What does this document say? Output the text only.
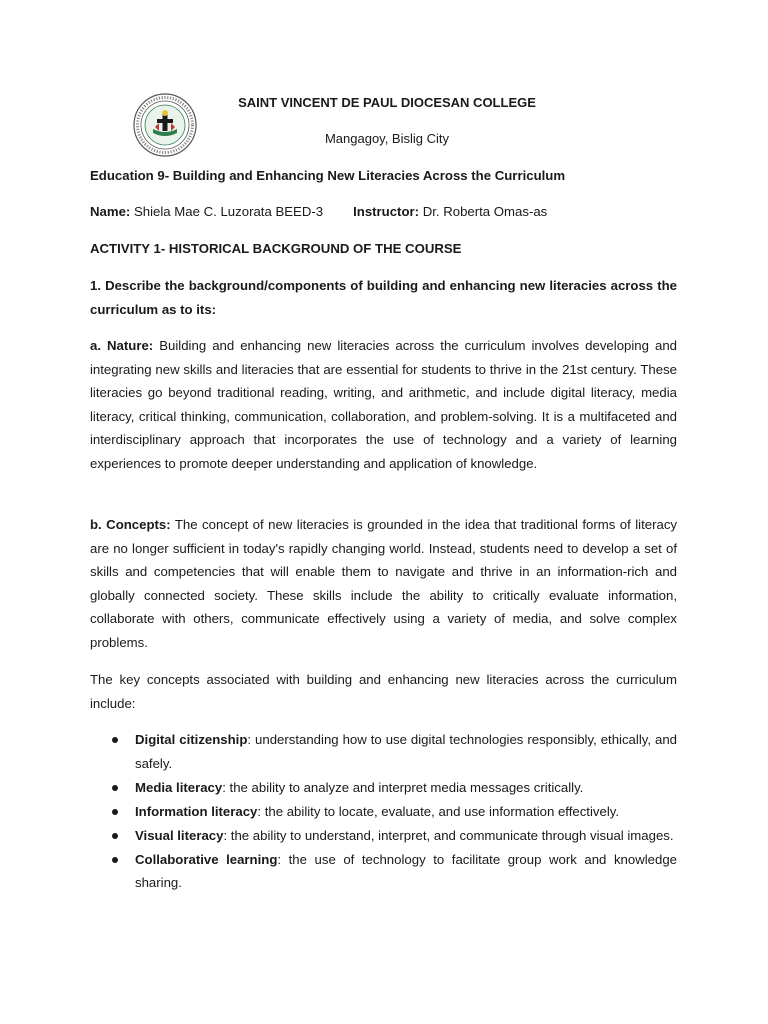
SAINT VINCENT DE PAUL DIOCESAN COLLEGE
Mangagoy, Bislig City
Education 9- Building and Enhancing New Literacies Across the Curriculum
Name: Shiela Mae C. Luzorata BEED-3 Instructor: Dr. Roberta Omas-as
ACTIVITY 1- HISTORICAL BACKGROUND OF THE COURSE

1. Describe the background/components of building and enhancing new literacies across the curriculum as to its:

a. Nature: Building and enhancing new literacies across the curriculum involves developing and integrating new skills and literacies that are essential for students to thrive in the 21st century. These literacies go beyond traditional reading, writing, and arithmetic, and include digital literacy, media literacy, critical thinking, communication, collaboration, and problem-solving. It is a multifaceted and interdisciplinary approach that incorporates the use of technology and a variety of learning experiences to promote deeper understanding and application of knowledge.

b. Concepts: The concept of new literacies is grounded in the idea that traditional forms of literacy are no longer sufficient in today's rapidly changing world. Instead, students need to develop a set of skills and competencies that will enable them to navigate and thrive in an information-rich and globally connected society. These skills include the ability to critically evaluate information, collaborate with others, communicate effectively using a variety of media, and solve complex problems.

The key concepts associated with building and enhancing new literacies across the curriculum include:

Digital citizenship: understanding how to use digital technologies responsibly, ethically, and safely.
Media literacy: the ability to analyze and interpret media messages critically.
Information literacy: the ability to locate, evaluate, and use information effectively.
Visual literacy: the ability to understand, interpret, and communicate through visual images.
Collaborative learning: the use of technology to facilitate group work and knowledge sharing.
